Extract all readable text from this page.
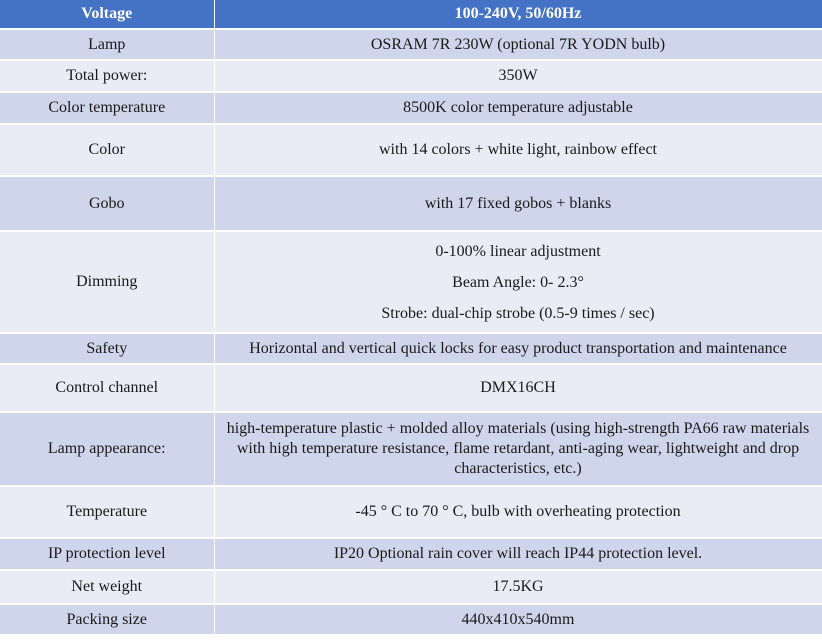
Voltage	100-240V, 50/60Hz
Lamp	OSRAM 7R 230W (optional 7R YODN bulb)
Total power:	350W
Color temperature	8500K color temperature adjustable
Color	with 14 colors + white light, rainbow effect
Gobo	with 17 fixed gobos + blanks
Dimming	0-100% linear adjustment
Beam Angle: 0- 2.3°
Strobe: dual-chip strobe (0.5-9 times / sec)

Safety	Horizontal and vertical quick locks for easy product transportation and maintenance
Control channel	DMX16CH
Lamp appearance:	high-temperature plastic + molded alloy materials (using high-strength PA66 raw materials with high temperature resistance, flame retardant, anti-aging wear, lightweight and drop characteristics, etc.)
Temperature	-45 ° C to 70 ° C, bulb with overheating protection
IP protection level	IP20 Optional rain cover will reach IP44 protection level.
Net weight	17.5KG
Packing size	440x410x540mm
